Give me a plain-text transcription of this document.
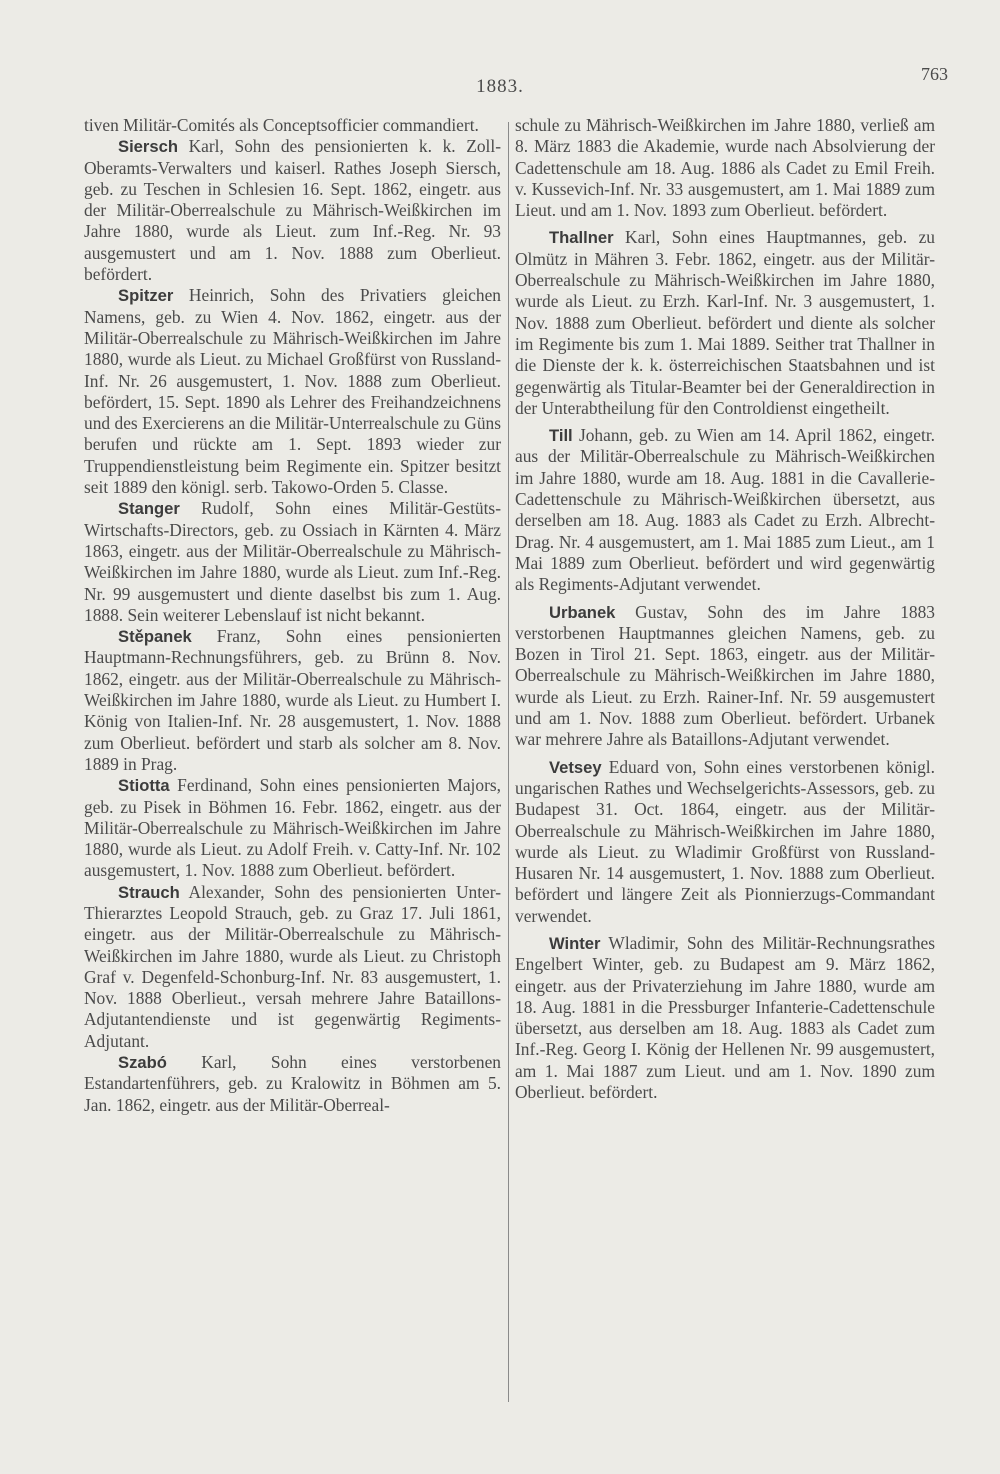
1883.
763

tiven Militär-Comités als Conceptsofficier commandiert.

Siersch Karl, Sohn des pensionierten k. k. Zoll-Oberamts-Verwalters und kaiserl. Rathes Joseph Siersch, geb. zu Teschen in Schlesien 16. Sept. 1862, eingetr. aus der Militär-Oberrealschule zu Mährisch-Weißkirchen im Jahre 1880, wurde als Lieut. zum Inf.-Reg. Nr. 93 ausgemustert und am 1. Nov. 1888 zum Oberlieut. befördert.

Spitzer Heinrich, Sohn des Privatiers gleichen Namens, geb. zu Wien 4. Nov. 1862, eingetr. aus der Militär-Oberrealschule zu Mährisch-Weißkirchen im Jahre 1880, wurde als Lieut. zu Michael Großfürst von Russland-Inf. Nr. 26 ausgemustert, 1. Nov. 1888 zum Oberlieut. befördert, 15. Sept. 1890 als Lehrer des Freihandzeichnens und des Exercierens an die Militär-Unterrealschule zu Güns berufen und rückte am 1. Sept. 1893 wieder zur Truppendienstleistung beim Regimente ein. Spitzer besitzt seit 1889 den königl. serb. Takowo-Orden 5. Classe.

Stanger Rudolf, Sohn eines Militär-Gestüts-Wirtschafts-Directors, geb. zu Ossiach in Kärnten 4. März 1863, eingetr. aus der Militär-Oberrealschule zu Mährisch-Weißkirchen im Jahre 1880, wurde als Lieut. zum Inf.-Reg. Nr. 99 ausgemustert und diente daselbst bis zum 1. Aug. 1888. Sein weiterer Lebenslauf ist nicht bekannt.

Stěpanek Franz, Sohn eines pensionierten Hauptmann-Rechnungsführers, geb. zu Brünn 8. Nov. 1862, eingetr. aus der Militär-Oberrealschule zu Mährisch-Weißkirchen im Jahre 1880, wurde als Lieut. zu Humbert I. König von Italien-Inf. Nr. 28 ausgemustert, 1. Nov. 1888 zum Oberlieut. befördert und starb als solcher am 8. Nov. 1889 in Prag.

Stiotta Ferdinand, Sohn eines pensionierten Majors, geb. zu Pisek in Böhmen 16. Febr. 1862, eingetr. aus der Militär-Oberrealschule zu Mährisch-Weißkirchen im Jahre 1880, wurde als Lieut. zu Adolf Freih. v. Catty-Inf. Nr. 102 ausgemustert, 1. Nov. 1888 zum Oberlieut. befördert.

Strauch Alexander, Sohn des pensionierten Unter-Thierarztes Leopold Strauch, geb. zu Graz 17. Juli 1861, eingetr. aus der Militär-Oberrealschule zu Mährisch-Weißkirchen im Jahre 1880, wurde als Lieut. zu Christoph Graf v. Degenfeld-Schonburg-Inf. Nr. 83 ausgemustert, 1. Nov. 1888 Oberlieut., versah mehrere Jahre Bataillons-Adjutantendienste und ist gegenwärtig Regiments-Adjutant.

Szabó Karl, Sohn eines verstorbenen Estandartenführers, geb. zu Kralowitz in Böhmen am 5. Jan. 1862, eingetr. aus der Militär-Oberreal-

schule zu Mährisch-Weißkirchen im Jahre 1880, verließ am 8. März 1883 die Akademie, wurde nach Absolvierung der Cadettenschule am 18. Aug. 1886 als Cadet zu Emil Freih. v. Kussevich-Inf. Nr. 33 ausgemustert, am 1. Mai 1889 zum Lieut. und am 1. Nov. 1893 zum Oberlieut. befördert.

Thallner Karl, Sohn eines Hauptmannes, geb. zu Olmütz in Mähren 3. Febr. 1862, eingetr. aus der Militär-Oberrealschule zu Mährisch-Weißkirchen im Jahre 1880, wurde als Lieut. zu Erzh. Karl-Inf. Nr. 3 ausgemustert, 1. Nov. 1888 zum Oberlieut. befördert und diente als solcher im Regimente bis zum 1. Mai 1889. Seither trat Thallner in die Dienste der k. k. österreichischen Staatsbahnen und ist gegenwärtig als Titular-Beamter bei der Generaldirection in der Unterabtheilung für den Controldienst eingetheilt.

Till Johann, geb. zu Wien am 14. April 1862, eingetr. aus der Militär-Oberrealschule zu Mährisch-Weißkirchen im Jahre 1880, wurde am 18. Aug. 1881 in die Cavallerie-Cadettenschule zu Mährisch-Weißkirchen übersetzt, aus derselben am 18. Aug. 1883 als Cadet zu Erzh. Albrecht-Drag. Nr. 4 ausgemustert, am 1. Mai 1885 zum Lieut., am 1 Mai 1889 zum Oberlieut. befördert und wird gegenwärtig als Regiments-Adjutant verwendet.

Urbanek Gustav, Sohn des im Jahre 1883 verstorbenen Hauptmannes gleichen Namens, geb. zu Bozen in Tirol 21. Sept. 1863, eingetr. aus der Militär-Oberrealschule zu Mährisch-Weißkirchen im Jahre 1880, wurde als Lieut. zu Erzh. Rainer-Inf. Nr. 59 ausgemustert und am 1. Nov. 1888 zum Oberlieut. befördert. Urbanek war mehrere Jahre als Bataillons-Adjutant verwendet.

Vetsey Eduard von, Sohn eines verstorbenen königl. ungarischen Rathes und Wechselgerichts-Assessors, geb. zu Budapest 31. Oct. 1864, eingetr. aus der Militär-Oberrealschule zu Mährisch-Weißkirchen im Jahre 1880, wurde als Lieut. zu Wladimir Großfürst von Russland-Husaren Nr. 14 ausgemustert, 1. Nov. 1888 zum Oberlieut. befördert und längere Zeit als Pionnierzugs-Commandant verwendet.

Winter Wladimir, Sohn des Militär-Rechnungsrathes Engelbert Winter, geb. zu Budapest am 9. März 1862, eingetr. aus der Privaterziehung im Jahre 1880, wurde am 18. Aug. 1881 in die Pressburger Infanterie-Cadettenschule übersetzt, aus derselben am 18. Aug. 1883 als Cadet zum Inf.-Reg. Georg I. König der Hellenen Nr. 99 ausgemustert, am 1. Mai 1887 zum Lieut. und am 1. Nov. 1890 zum Oberlieut. befördert.
